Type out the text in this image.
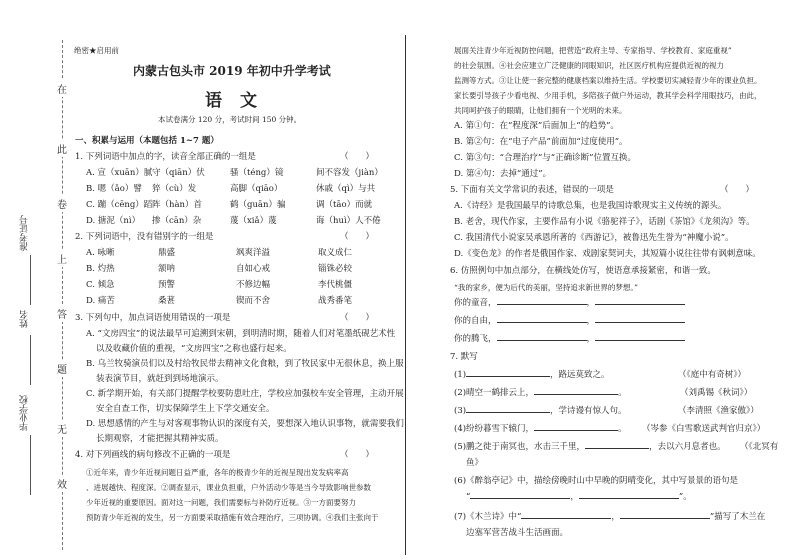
在
此
卷
上
答
题
无
效
准考证号
姓名
毕业学校
绝密★启用前
内蒙古包头市 2019 年初中升学考试
语文
本试卷满分 120 分，考试时间 150 分钟。
一、积累与运用（本题包括 1~7 题）
1. 下列词语中加点的字，读音全部正确的一组是	（　　）
A. 宣（xuān）腻 守（qiān）伏	骚（téng）镜	间不容发（jiàn）
B. 嗯（ǎo）譬 猝（cù）发	高脚（qiāo）	休戚（qì）与共
C. 蹦（cēng）蹈 阵（hàn）首	鹤（guān）骗	调（tāo）而就
D. 搪泥（nì） 掺（cān）杂	蔑（xiǎ）蔑	诲（huì）人不倦
2. 下列词语中，没有错别字的一组是	（　　）
A. 咏晰	鼎盛	飒爽洋溢	取义成仁
B. 灼热	颔呐	自如心戒	锱铢必较
C. 倾急	预警	不修边幅	李代桃僵
D. 痛苦	桑葚	锲而不舍	战秀番笔
3. 下列句中，加点词语使用错误的一项是	（　　）
A. “文房四宝”的说法最早可追溯到宋朝，到明清时期，随着人们对笔墨纸砚艺术性
以及收藏价值的重视，“文房四宝”之称也盛行起来。
B. 乌兰牧骑演员们以及村给牧民带去精神文化食粮，到了牧民家中无很休息，换上服
装表演节目，就赶到到场地演示。
C. 新学期开始，有关部门提醒学校要防患吐庄，学校应加强校车安全管理，主动开展
安全自查工作，切实保障学生上下学交通安全。
D. 思想感情的产生与对客观事物认识的深度有关，要想深入地认识事物，就需要我们
长期观察，才能把握其精神实质。
4. 对下列画线的病句修改不正确的一项是	（　　）
①近年来，青少年近视问题日益严重，各年的极青少年的近视呈现出发发病率高
、进展越快、程度深。②调查显示，课业负担重，户外活动少等是当今导致影响世参数
少年近视的重要原因。面对这一问题，我们需要标与补防疗近视。③一方面要努力
预防青少年近视的发生，另一方面要采取措施有效合理治疗，三项协调。④我们主张向于
展面关注青少年近视防控问题，把营造“政府主导、专家指导、学校教育、家庭重视”
的社会氛围。④社会应建立广泛健康的同眼知识，社区医疗机构应提供近视的视力
监测等方式。③让让使一套完整的健康档案以维持生活。学校要切实减轻青少年的课业负担。
家长要引导孩子少看电视、少用手机，多陪孩子做户外运动，教其学会科学用眼技巧，由此，
共同呵护孩子的眼睛，让他们拥有一个光明的未来。
A. 第①句：在“程度深”后面加上“的趋势”。
B. 第②句：在“电子产品”前面加“过度使用”。
C. 第③句：“合理治疗”与“正确诊断”位置互换。
D. 第④句：去掉“通过”。
5. 下面有关文学常识的表述，错误的一项是	（　　）
A.《诗经》是我国最早的诗歌总集，也是我国诗歌现实主义传统的源头。
B. 老舍，现代作家，主要作品有小说《骆驼祥子》，话剧《茶馆》《龙须沟》等。
C. 我国清代小说家吴承恩所著的《西游记》，被鲁迅先生誉为“神魔小说”。
D.《变色龙》的作者是俄国作家、戏剧家契诃夫，其短篇小说往往带有讽刺意味。
6. 仿照例句中加点部分，在横线处仿写，使语意承接紧密，和谐一致。
“我的家乡，便为后代的美丽，坚持追求新世界的梦想。”
你的童音，	，
你的自由，	，
你的腾飞，	，
7. 默写
(1)	，路远莫致之。	（《庭中有奇树》）
(2)晴空一鹤排云上，	。	（刘禹锡《秋词》）
(3)	，学诗谩有惊人句。	（李清照《渔家傲》）
(4)纷纷暮雪下辕门，	。 （岑参《白雪歌送武判官归京》）
(5)鹏之徙于南冥也，水击三千里，	，去以六月息者也。 （《北冥有
鱼》
(6)《醉翁亭记》中，描绘傍晚时山中早晚的阴晴变化，其中写景景的语句是
“	，	”。
(7)《木兰诗》中“	，	”描写了木兰在
边塞军营苦战斗生活画面。
